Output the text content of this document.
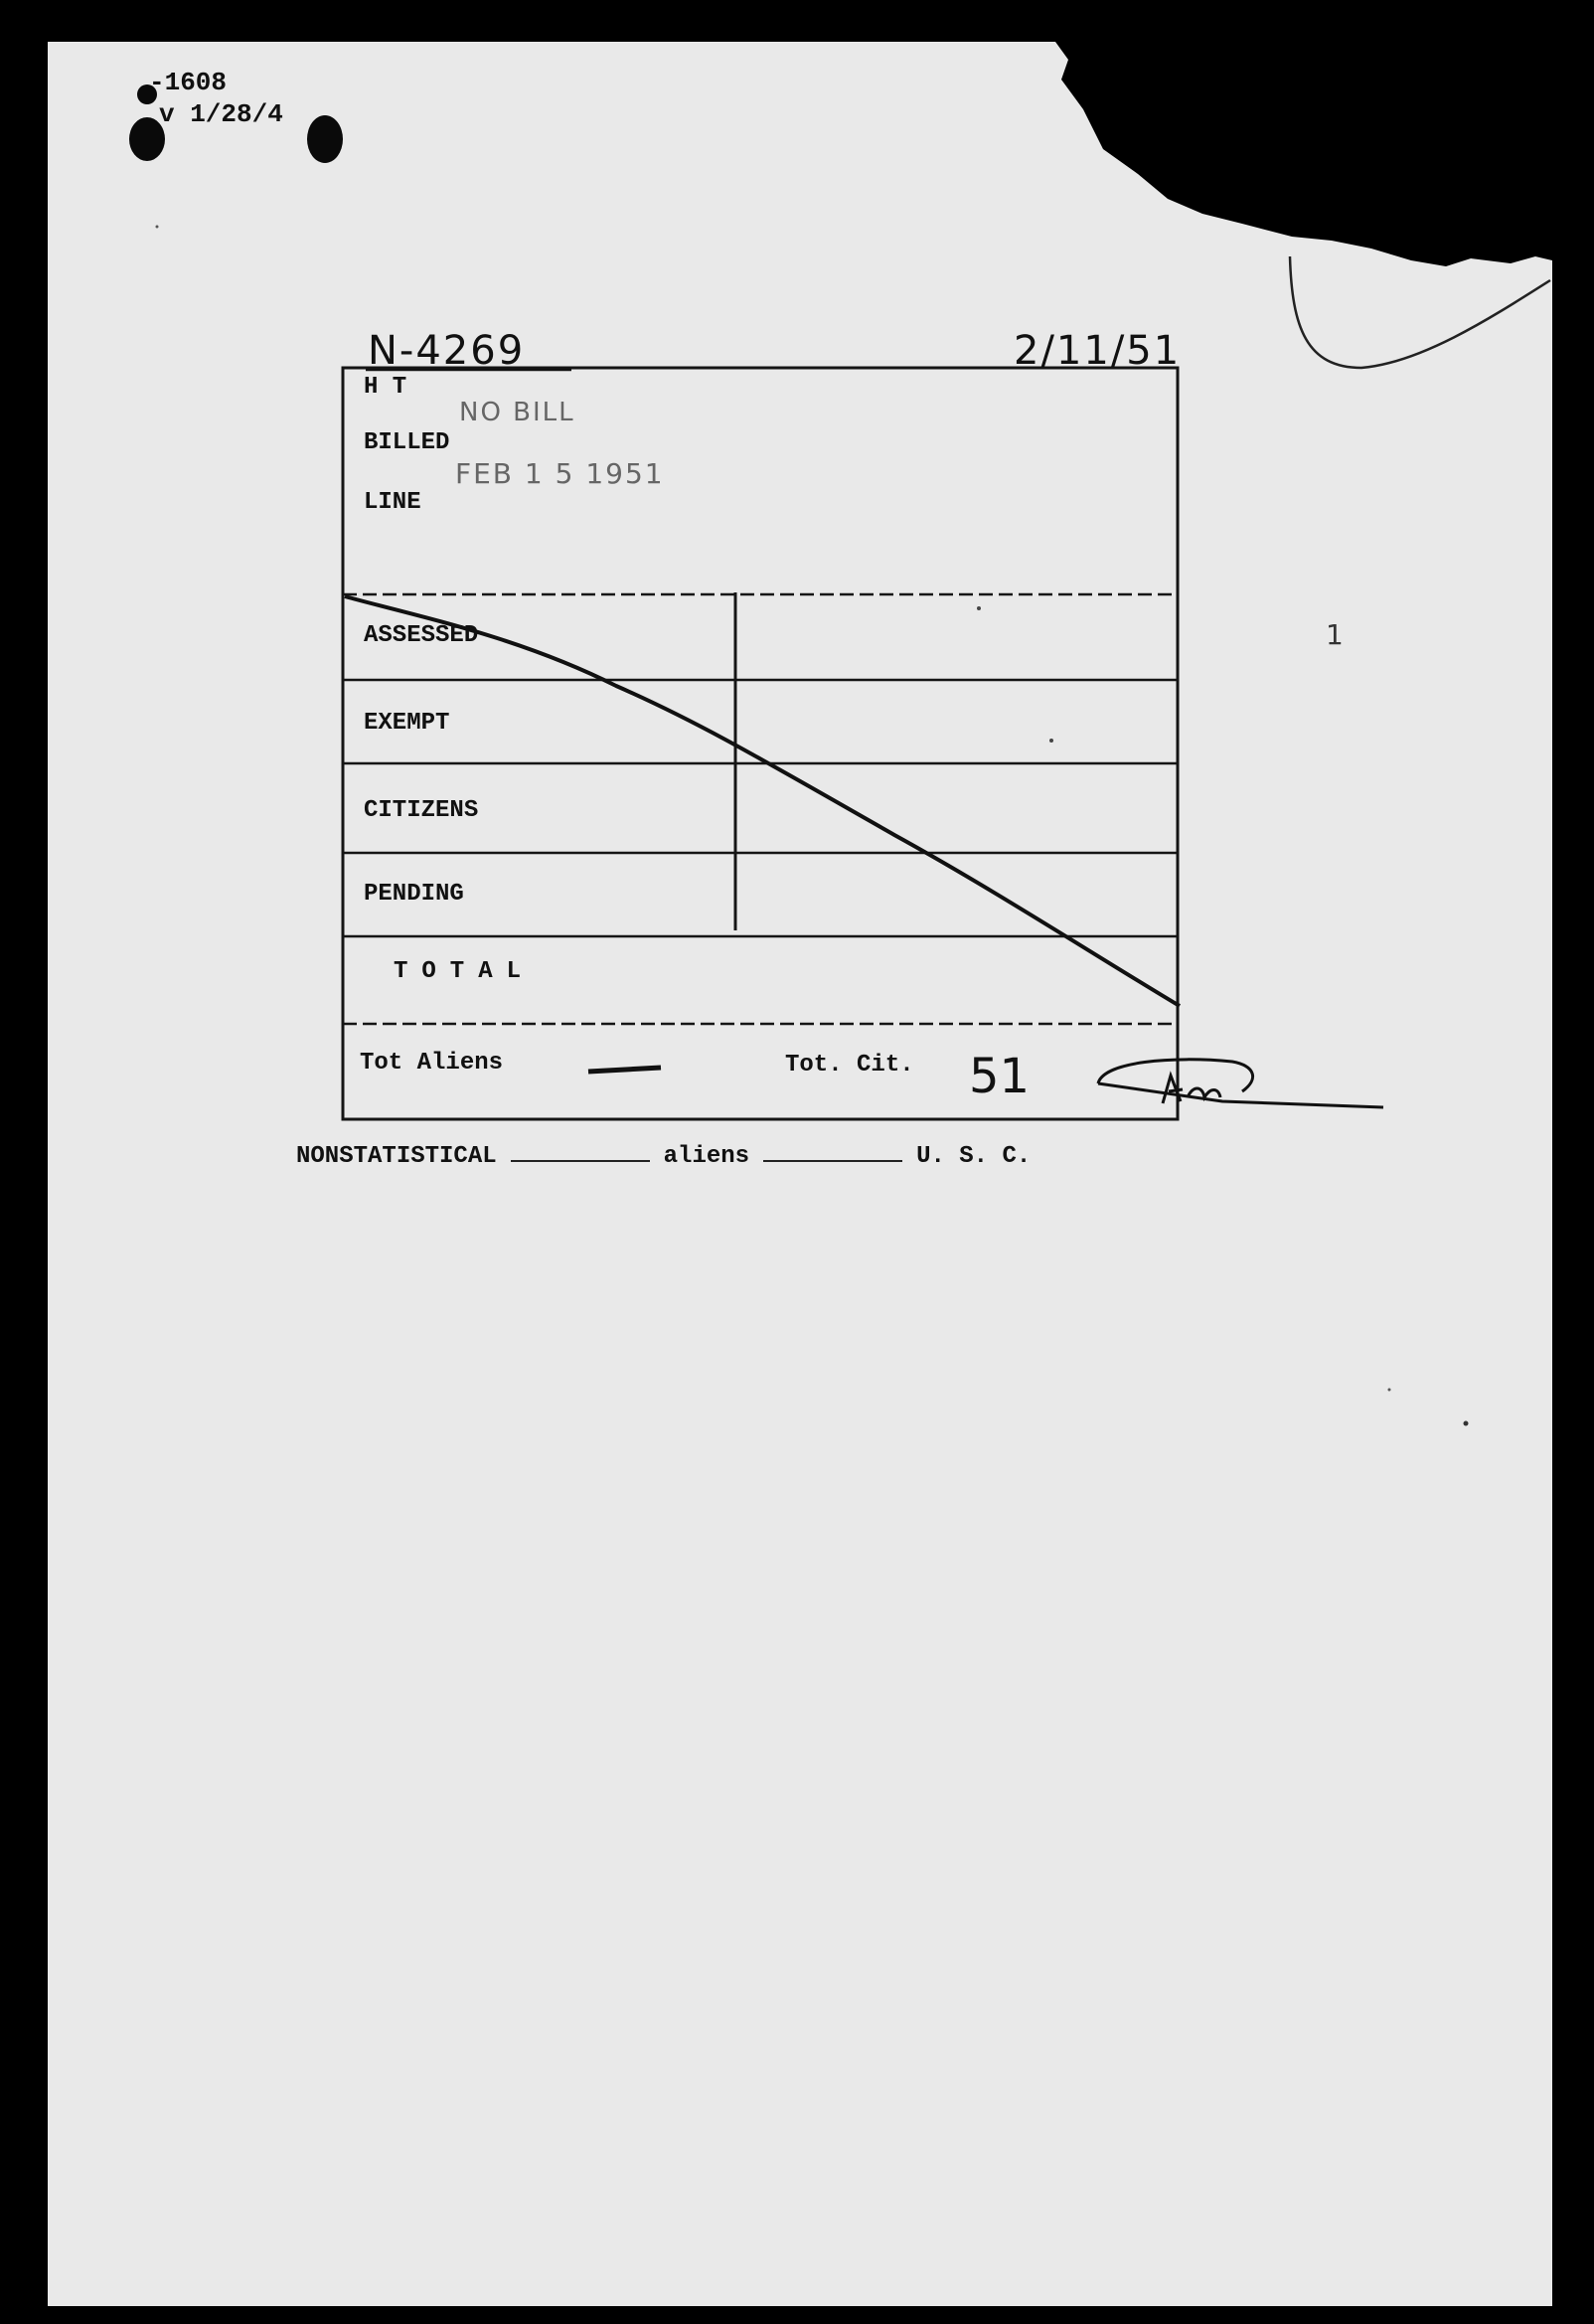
-1608
v 1/28/4
N-4269	2/11/51
NO BILL
FEB 1 5 1951
H T
BILLED
LINE
ASSESSED
EXEMPT
CITIZENS
PENDING
TOTAL
Tot Aliens	Tot. Cit. 51
1
NONSTATISTICAL	aliens	U. S. C.
